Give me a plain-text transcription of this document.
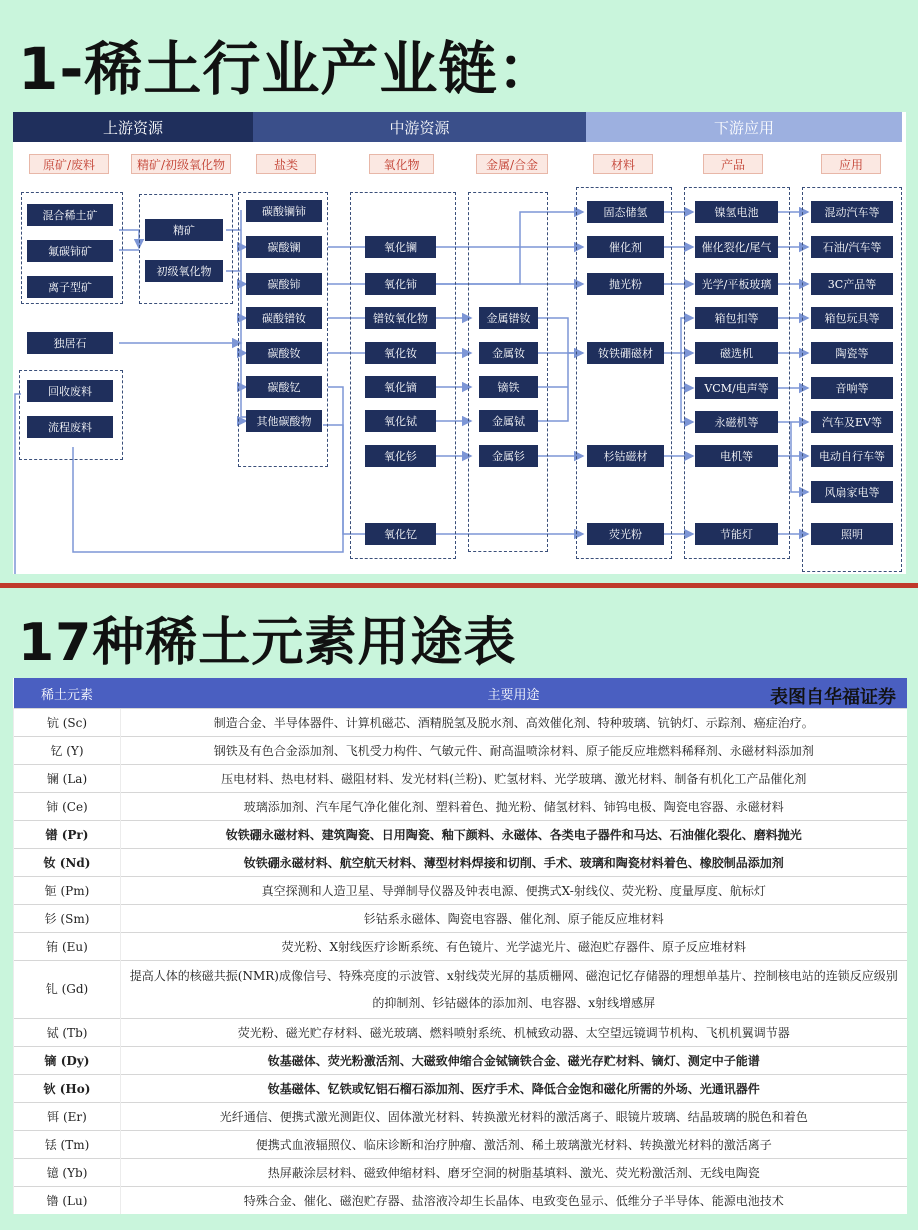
1-稀土行业产业链：
上游资源	中游资源	下游应用
原矿/废料	精矿/初级氧化物	盐类	氧化物	金属/合金	材料	产品	应用
混合稀土矿
氟碳铈矿
离子型矿
独居石
回收废料
流程废料
精矿
初级氧化物
碳酸镧铈
碳酸镧
碳酸铈
碳酸镨钕
碳酸钕
碳酸钇
其他碳酸物
氧化镧
氧化铈
镨钕氧化物
氧化钕
氧化镝
氧化铽
氧化钐
氧化钇
金属镨钕
金属钕
镝铁
金属铽
金属钐
固态储氢
催化剂
抛光粉
钕铁硼磁材
杉钴磁材
荧光粉
镍氢电池
催化裂化/尾气
光学/平板玻璃
箱包扣等
磁选机
VCM/电声等
永磁机等
电机等
节能灯
混动汽车等
石油/汽车等
3C产品等
箱包玩具等
陶瓷等
音响等
汽车及EV等
电动自行车等
风扇家电等
照明
17种稀土元素用途表
稀土元素	主要用途
钪 (Sc)	制造合金、半导体器件、计算机磁芯、酒精脱氢及脱水剂、高效催化剂、特种玻璃、钪钠灯、示踪剂、癌症治疗。
钇 (Y)	钢铁及有色合金添加剂、飞机受力构件、气敏元件、耐高温喷涂材料、原子能反应堆燃料稀释剂、永磁材料添加剂
镧 (La)	压电材料、热电材料、磁阻材料、发光材料(兰粉)、贮氢材料、光学玻璃、激光材料、制备有机化工产品催化剂
铈 (Ce)	玻璃添加剂、汽车尾气净化催化剂、塑料着色、抛光粉、储氢材料、铈钨电极、陶瓷电容器、永磁材料
镨 (Pr)	钕铁硼永磁材料、建筑陶瓷、日用陶瓷、釉下颜料、永磁体、各类电子器件和马达、石油催化裂化、磨料抛光
钕 (Nd)	钕铁硼永磁材料、航空航天材料、薄型材料焊接和切削、手术、玻璃和陶瓷材料着色、橡胶制品添加剂
钷 (Pm)	真空探测和人造卫星、导弹制导仪器及钟表电源、便携式X-射线仪、荧光粉、度量厚度、航标灯
钐 (Sm)	钐钴系永磁体、陶瓷电容器、催化剂、原子能反应堆材料
铕 (Eu)	荧光粉、X射线医疗诊断系统、有色镜片、光学滤光片、磁泡贮存器件、原子反应堆材料
钆 (Gd)	提高人体的核磁共振(NMR)成像信号、特殊亮度的示波管、x射线荧光屏的基质栅网、磁泡记忆存储器的理想单基片、控制核电站的连锁反应级别的抑制剂、钐钴磁体的添加剂、电容器、x射线增感屏
铽 (Tb)	荧光粉、磁光贮存材料、磁光玻璃、燃料喷射系统、机械致动器、太空望远镜调节机构、飞机机翼调节器
镝 (Dy)	钕基磁体、荧光粉激活剂、大磁致伸缩合金铽镝铁合金、磁光存贮材料、镝灯、测定中子能谱
钬 (Ho)	钕基磁体、钇铁或钇铝石榴石添加剂、医疗手术、降低合金饱和磁化所需的外场、光通讯器件
铒 (Er)	光纤通信、便携式激光测距仪、固体激光材料、转换激光材料的激活离子、眼镜片玻璃、结晶玻璃的脱色和着色
铥 (Tm)	便携式血液辐照仪、临床诊断和治疗肿瘤、激活剂、稀土玻璃激光材料、转换激光材料的激活离子
镱 (Yb)	热屏蔽涂层材料、磁致伸缩材料、磨牙空洞的树脂基填料、激光、荧光粉激活剂、无线电陶瓷
镥 (Lu)	特殊合金、催化、磁泡贮存器、盐溶液冷却生长晶体、电致变色显示、低维分子半导体、能源电池技术
表图自华福证券
